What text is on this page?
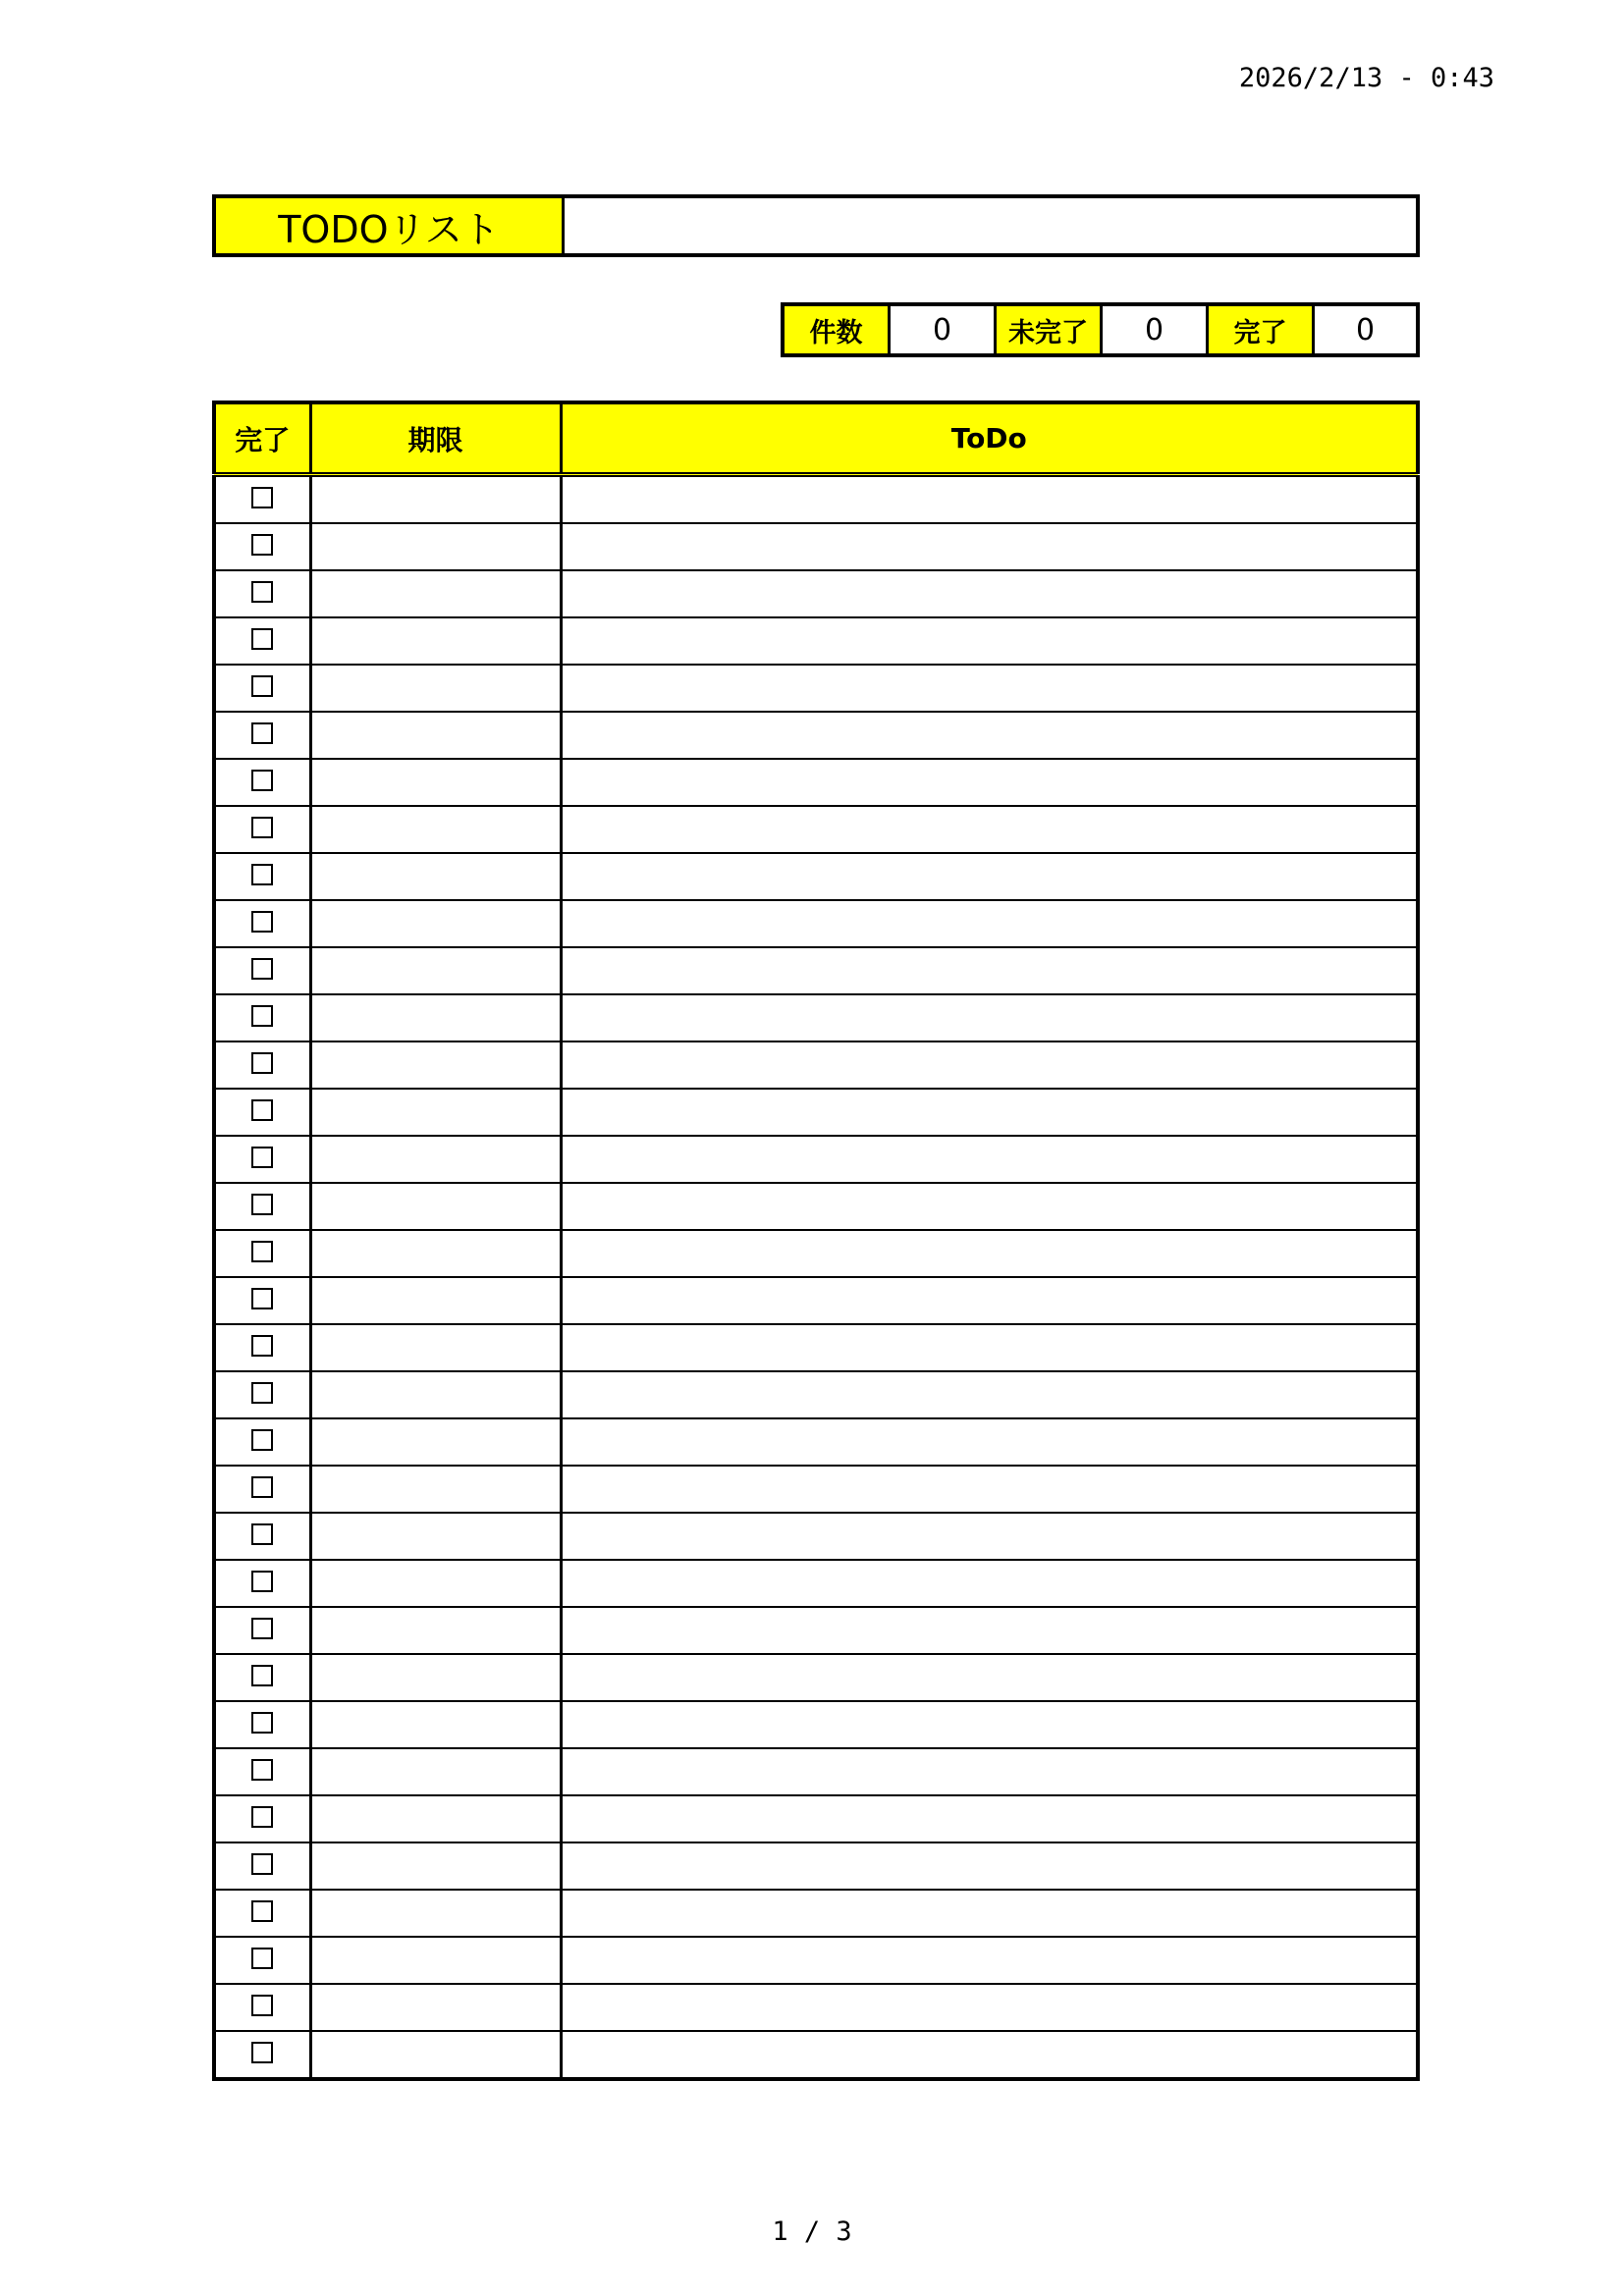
2026/2/13 - 0:43
TODOリスト
件数	0	未完了	0	完了	0
完了	期限	ToDo

1 / 3
